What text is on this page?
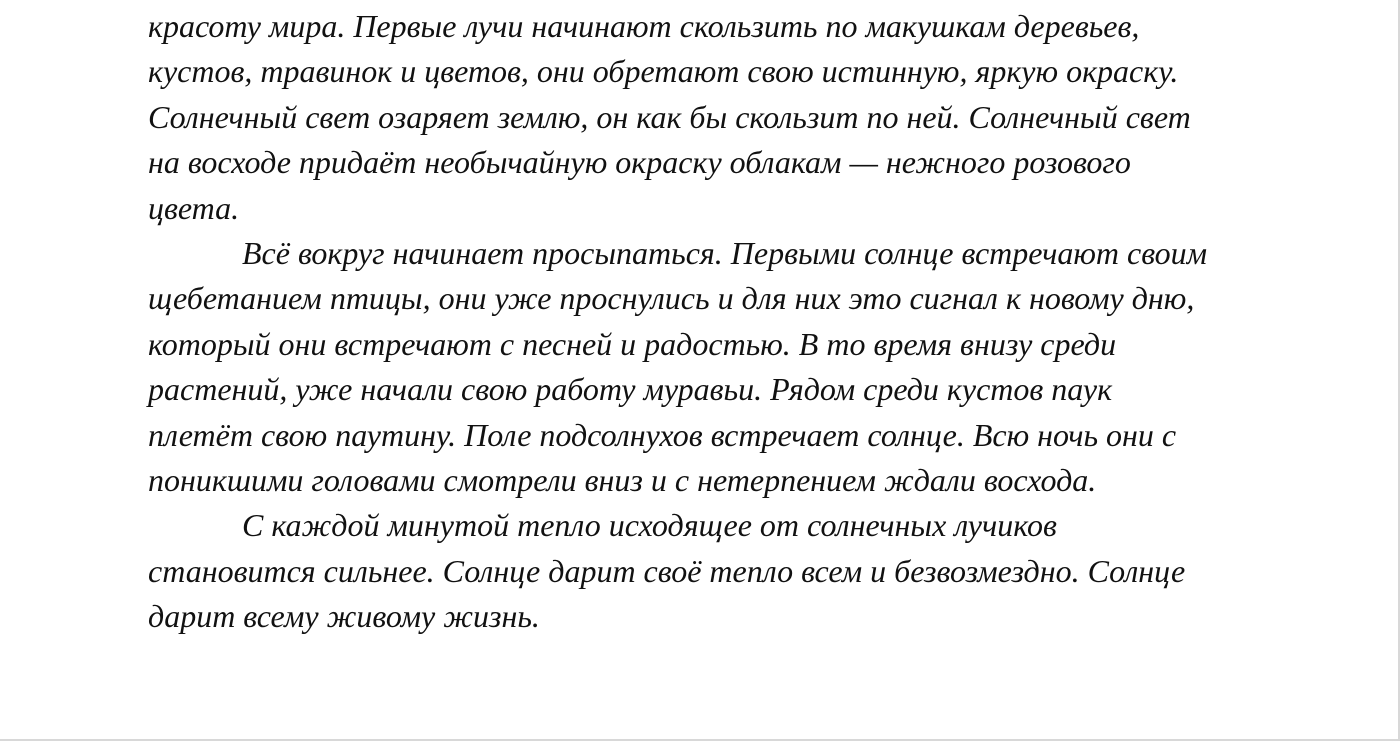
красоту мира. Первые лучи начинают скользить по макушкам деревьев,
кустов, травинок и цветов, они обретают свою истинную, яркую окраску.
Солнечный свет озаряет землю, он как бы скользит по ней. Солнечный свет
на восходе придаёт необычайную окраску облакам — нежного розового
цвета.
Всё вокруг начинает просыпаться. Первыми солнце встречают своим
щебетанием птицы, они уже проснулись и для них это сигнал к новому дню,
который они встречают с песней и радостью. В то время внизу среди
растений, уже начали свою работу муравьи. Рядом среди кустов паук
плетёт свою паутину. Поле подсолнухов встречает солнце. Всю ночь они с
поникшими головами смотрели вниз и с нетерпением ждали восхода.
С каждой минутой тепло исходящее от солнечных лучиков
становится сильнее. Солнце дарит своё тепло всем и безвозмездно. Солнце
дарит всему живому жизнь.
